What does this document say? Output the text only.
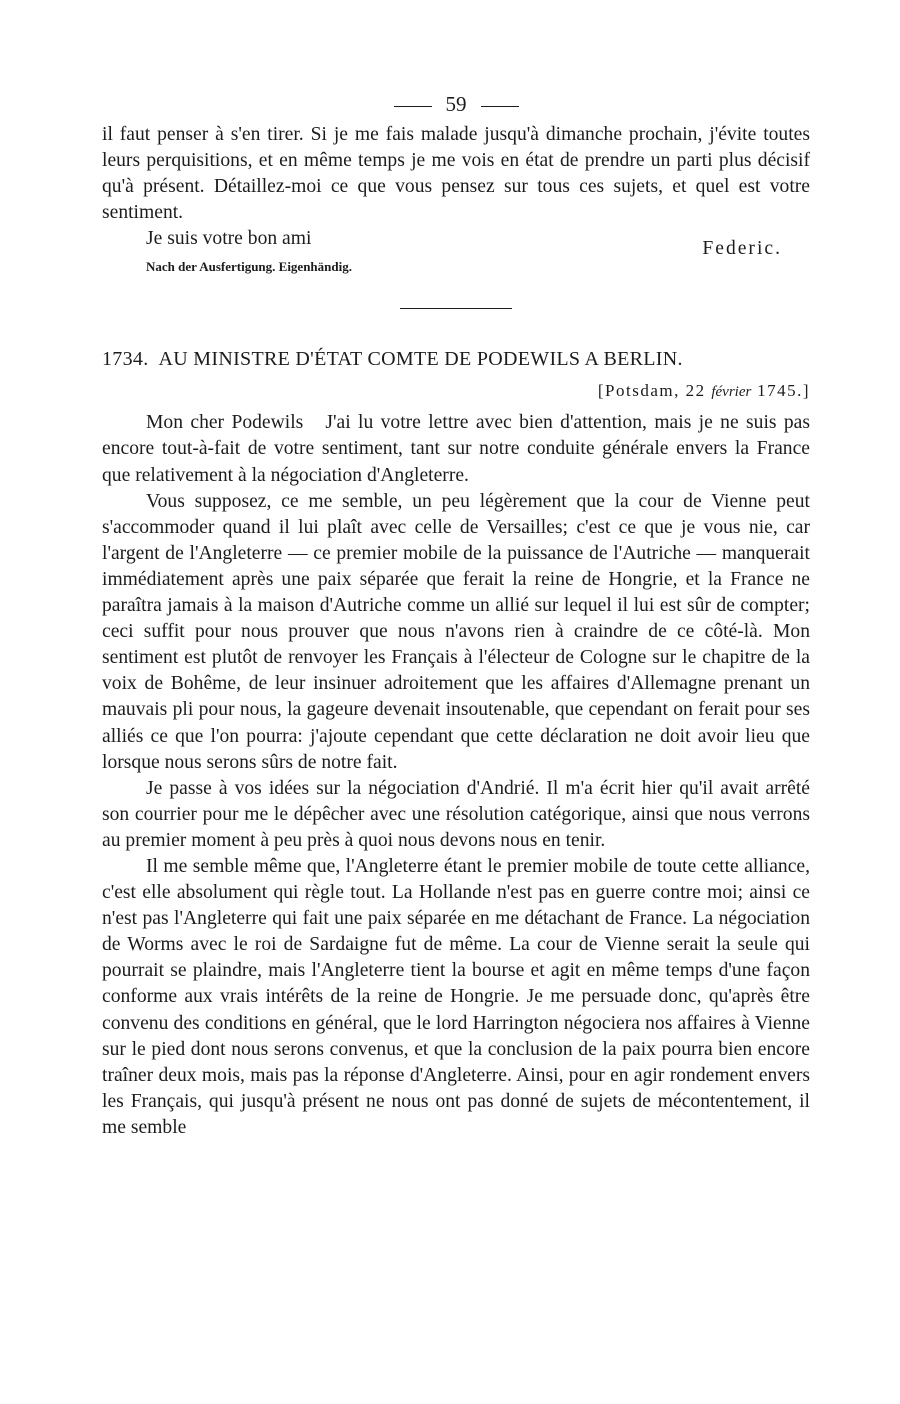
59

il faut penser à s'en tirer. Si je me fais malade jusqu'à dimanche prochain, j'évite toutes leurs perquisitions, et en même temps je me vois en état de prendre un parti plus décisif qu'à présent. Détaillez-moi ce que vous pensez sur tous ces sujets, et quel est votre sentiment.

Je suis votre bon ami	Federic.
Nach der Ausfertigung. Eigenhändig.
1734. AU MINISTRE D'ÉTAT COMTE DE PODEWILS A BERLIN.
[Potsdam, 22 février 1745.]

Mon cher Podewils J'ai lu votre lettre avec bien d'attention, mais je ne suis pas encore tout-à-fait de votre sentiment, tant sur notre conduite générale envers la France que relativement à la négociation d'Angleterre.

Vous supposez, ce me semble, un peu légèrement que la cour de Vienne peut s'accommoder quand il lui plaît avec celle de Versailles; c'est ce que je vous nie, car l'argent de l'Angleterre — ce premier mobile de la puissance de l'Autriche — manquerait immédiatement après une paix séparée que ferait la reine de Hongrie, et la France ne paraîtra jamais à la maison d'Autriche comme un allié sur lequel il lui est sûr de compter; ceci suffit pour nous prouver que nous n'avons rien à craindre de ce côté-là. Mon sentiment est plutôt de renvoyer les Français à l'électeur de Cologne sur le chapitre de la voix de Bohême, de leur insinuer adroitement que les affaires d'Allemagne prenant un mauvais pli pour nous, la gageure devenait insoutenable, que cependant on ferait pour ses alliés ce que l'on pourra: j'ajoute cependant que cette déclaration ne doit avoir lieu que lorsque nous serons sûrs de notre fait.

Je passe à vos idées sur la négociation d'Andrié. Il m'a écrit hier qu'il avait arrêté son courrier pour me le dépêcher avec une résolution catégorique, ainsi que nous verrons au premier moment à peu près à quoi nous devons nous en tenir.

Il me semble même que, l'Angleterre étant le premier mobile de toute cette alliance, c'est elle absolument qui règle tout. La Hollande n'est pas en guerre contre moi; ainsi ce n'est pas l'Angleterre qui fait une paix séparée en me détachant de France. La négociation de Worms avec le roi de Sardaigne fut de même. La cour de Vienne serait la seule qui pourrait se plaindre, mais l'Angleterre tient la bourse et agit en même temps d'une façon conforme aux vrais intérêts de la reine de Hongrie. Je me persuade donc, qu'après être convenu des conditions en général, que le lord Harrington négociera nos affaires à Vienne sur le pied dont nous serons convenus, et que la conclusion de la paix pourra bien encore traîner deux mois, mais pas la réponse d'Angleterre. Ainsi, pour en agir rondement envers les Français, qui jusqu'à présent ne nous ont pas donné de sujets de mécontentement, il me semble
